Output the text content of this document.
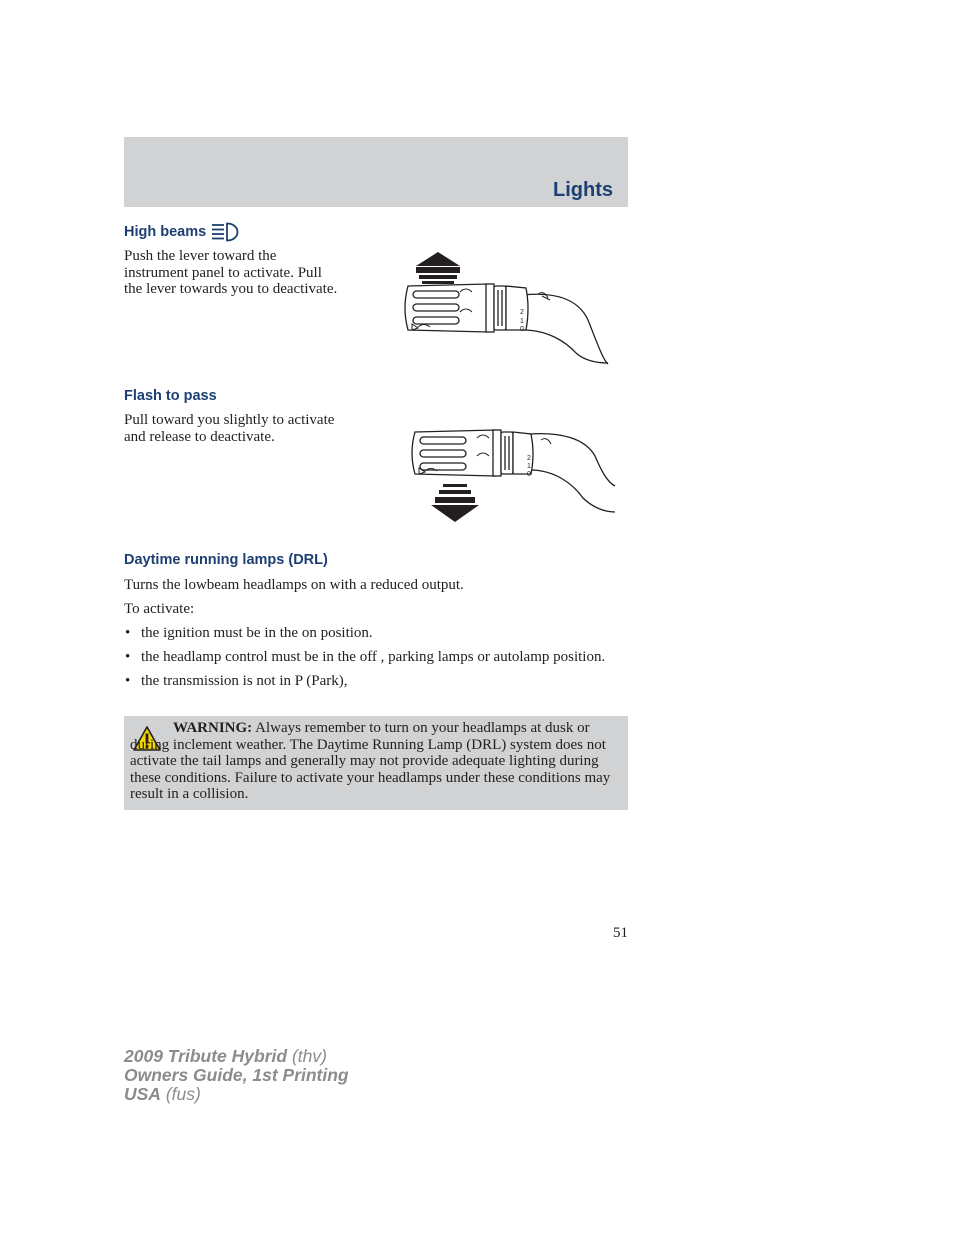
Lights
High beams
Push the lever toward the
instrument panel to activate. Pull
the lever towards you to deactivate.
2
1
0
Flash to pass
Pull toward you slightly to activate
and release to deactivate.
2
1
0
Daytime running lamps (DRL)
Turns the lowbeam headlamps on with a reduced output.
To activate:
• the ignition must be in the on position.
• the headlamp control must be in the off , parking lamps or autolamp position.
• the transmission is not in P (Park),
WARNING: Always remember to turn on your headlamps at dusk or during inclement weather. The Daytime Running Lamp (DRL) system does not activate the tail lamps and generally may not provide adequate lighting during these conditions. Failure to activate your headlamps under these conditions may result in a collision.
51
2009 Tribute Hybrid (thv)
Owners Guide, 1st Printing
USA (fus)
